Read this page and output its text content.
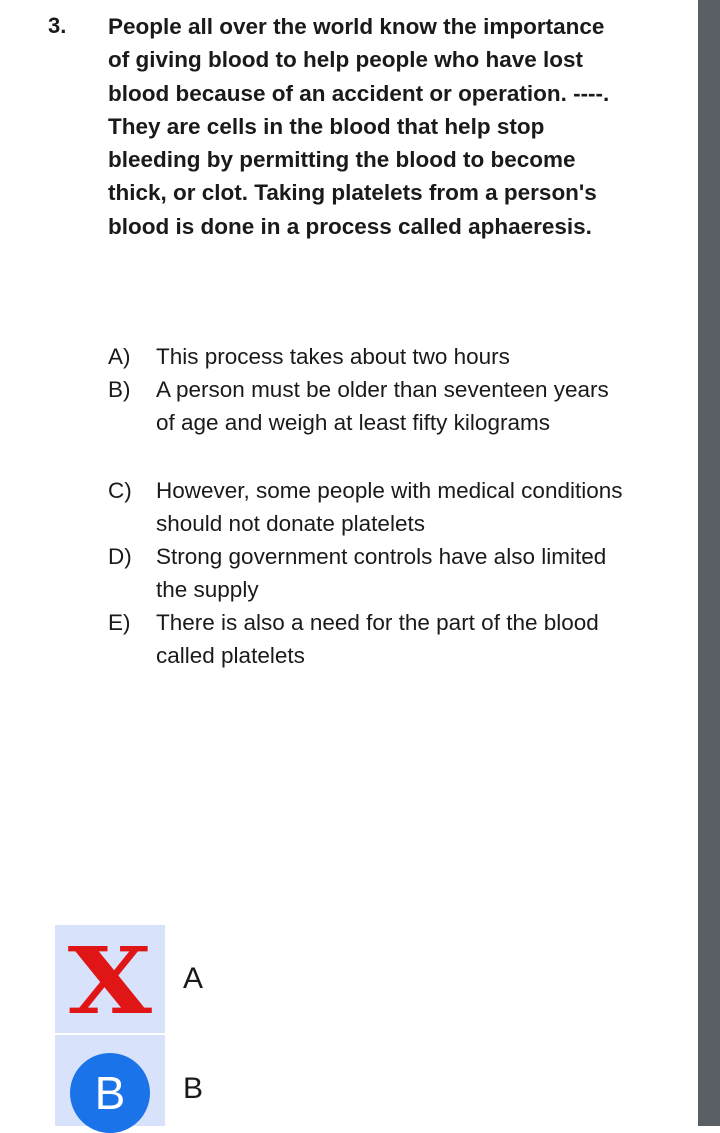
3. People all over the world know the importance of giving blood to help people who have lost blood because of an accident or operation. ----. They are cells in the blood that help stop bleeding by permitting the blood to become thick, or clot. Taking platelets from a person's blood is done in a process called aphaeresis.
A) This process takes about two hours
B) A person must be older than seventeen years of age and weigh at least fifty kilograms
C) However, some people with medical conditions should not donate platelets
D) Strong government controls have also limited the supply
E) There is also a need for the part of the blood called platelets
X A
B	B
